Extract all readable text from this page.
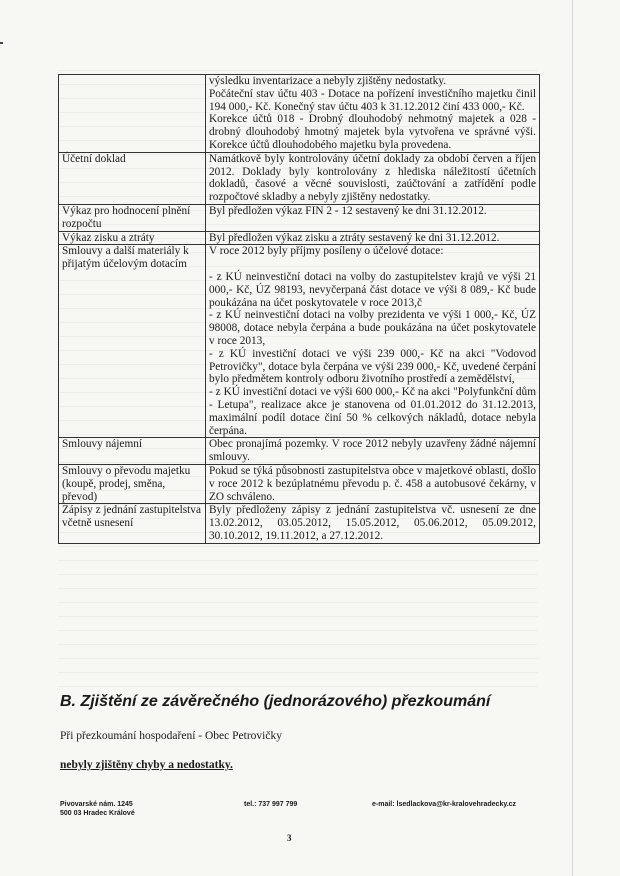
	výsledku inventarizace a nebyly zjištěny nedostatky.
Počáteční stav účtu 403 - Dotace na pořízení investičního majetku činil 194 000,- Kč. Konečný stav účtu 403 k 31.12.2012 činí 433 000,- Kč.
Korekce účtů 018 - Drobný dlouhodobý nehmotný majetek a 028 - drobný dlouhodobý hmotný majetek byla vytvořena ve správné výši. Korekce účtů dlouhodobého majetku byla provedena.

Účetní doklad	Namátkově byly kontrolovány účetní doklady za období červen a říjen 2012. Doklady byly kontrolovány z hlediska náležitostí účetních dokladů, časové a věcné souvislosti, zaúčtování a zatřídění podle rozpočtové skladby a nebyly zjištěny nedostatky.

Výkaz pro hodnocení plnění rozpočtu	Byl předložen výkaz FIN 2 - 12 sestavený ke dni 31.12.2012.

Výkaz zisku a ztráty	Byl předložen výkaz zisku a ztráty sestavený ke dni 31.12.2012.

Smlouvy a další materiály k přijatým účelovým dotacím	V roce 2012 byly příjmy posíleny o účelové dotace:
- z KÚ neinvestiční dotaci na volby do zastupitelstev krajů ve výši 21 000,- Kč, ÚZ 98193, nevyčerpaná část dotace ve výši 8 089,- Kč bude poukázána na účet poskytovatele v roce 2013,č
- z KÚ neinvestiční dotaci na volby prezidenta ve výši 1 000,- Kč, ÚZ 98008, dotace nebyla čerpána a bude poukázána na účet poskytovatele v roce 2013,
- z KÚ investiční dotaci ve výši 239 000,- Kč na akci "Vodovod Petrovičky", dotace byla čerpána ve výši 239 000,- Kč, uvedené čerpání bylo předmětem kontroly odboru životního prostředí a zemědělství,
- z KÚ investiční dotaci ve výši 600 000,- Kč na akci "Polyfunkční dům - Letupa", realizace akce je stanovena od 01.01.2012 do 31.12.2013, maximální podíl dotace činí 50 % celkových nákladů, dotace nebyla čerpána.

Smlouvy nájemní	Obec pronajímá pozemky. V roce 2012 nebyly uzavřeny žádné nájemní smlouvy.

Smlouvy o převodu majetku (koupě, prodej, směna, převod)	Pokud se týká působnosti zastupitelstva obce v majetkové oblasti, došlo v roce 2012 k bezúplatnému převodu p. č. 458 a autobusové čekárny, v ZO schváleno.

Zápisy z jednání zastupitelstva včetně usnesení	Byly předloženy zápisy z jednání zastupitelstva vč. usnesení ze dne 13.02.2012, 03.05.2012, 15.05.2012, 05.06.2012, 05.09.2012, 30.10.2012, 19.11.2012, a 27.12.2012.
B. Zjištění ze závěrečného (jednorázového) přezkoumání
Při přezkoumání hospodaření - Obec Petrovičky
nebyly zjištěny chyby a nedostatky.
Pivovarské nám. 1245
500 03 Hradec Králové
tel.: 737 997 799	e-mail: lsedlackova@kr-kralovehradecky.cz
3
